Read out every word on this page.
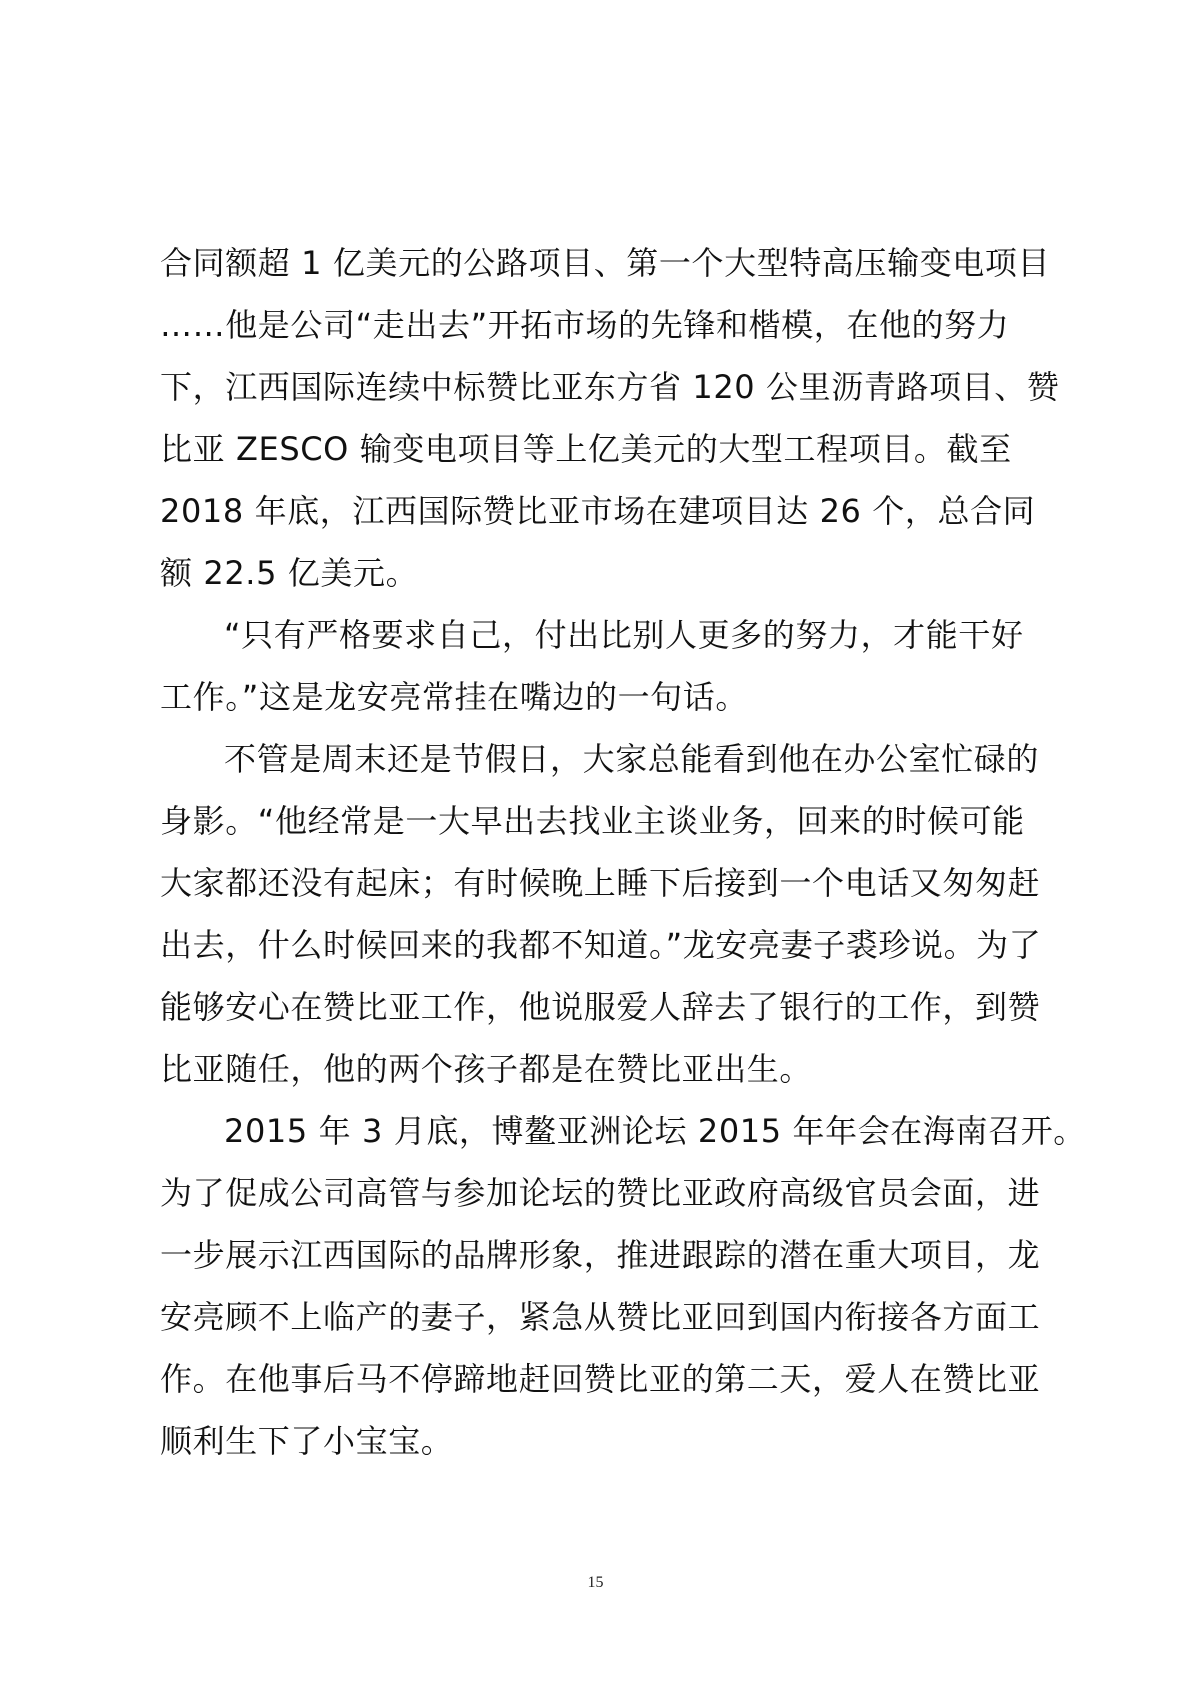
合同额超 1 亿美元的公路项目、第一个大型特高压输变电项目
……他是公司“走出去”开拓市场的先锋和楷模，在他的努力
下，江西国际连续中标赞比亚东方省 120 公里沥青路项目、赞
比亚 ZESCO 输变电项目等上亿美元的大型工程项目。截至
2018 年底，江西国际赞比亚市场在建项目达 26 个，总合同
额 22.5 亿美元。
“只有严格要求自己，付出比别人更多的努力，才能干好
工作。”这是龙安亮常挂在嘴边的一句话。
不管是周末还是节假日，大家总能看到他在办公室忙碌的
身影。“他经常是一大早出去找业主谈业务，回来的时候可能
大家都还没有起床；有时候晚上睡下后接到一个电话又匆匆赶
出去，什么时候回来的我都不知道。”龙安亮妻子裘珍说。为了
能够安心在赞比亚工作，他说服爱人辞去了银行的工作，到赞
比亚随任，他的两个孩子都是在赞比亚出生。
2015 年 3 月底，博鳌亚洲论坛 2015 年年会在海南召开。
为了促成公司高管与参加论坛的赞比亚政府高级官员会面，进
一步展示江西国际的品牌形象，推进跟踪的潜在重大项目，龙
安亮顾不上临产的妻子，紧急从赞比亚回到国内衔接各方面工
作。在他事后马不停蹄地赶回赞比亚的第二天，爱人在赞比亚
顺利生下了小宝宝。
15
